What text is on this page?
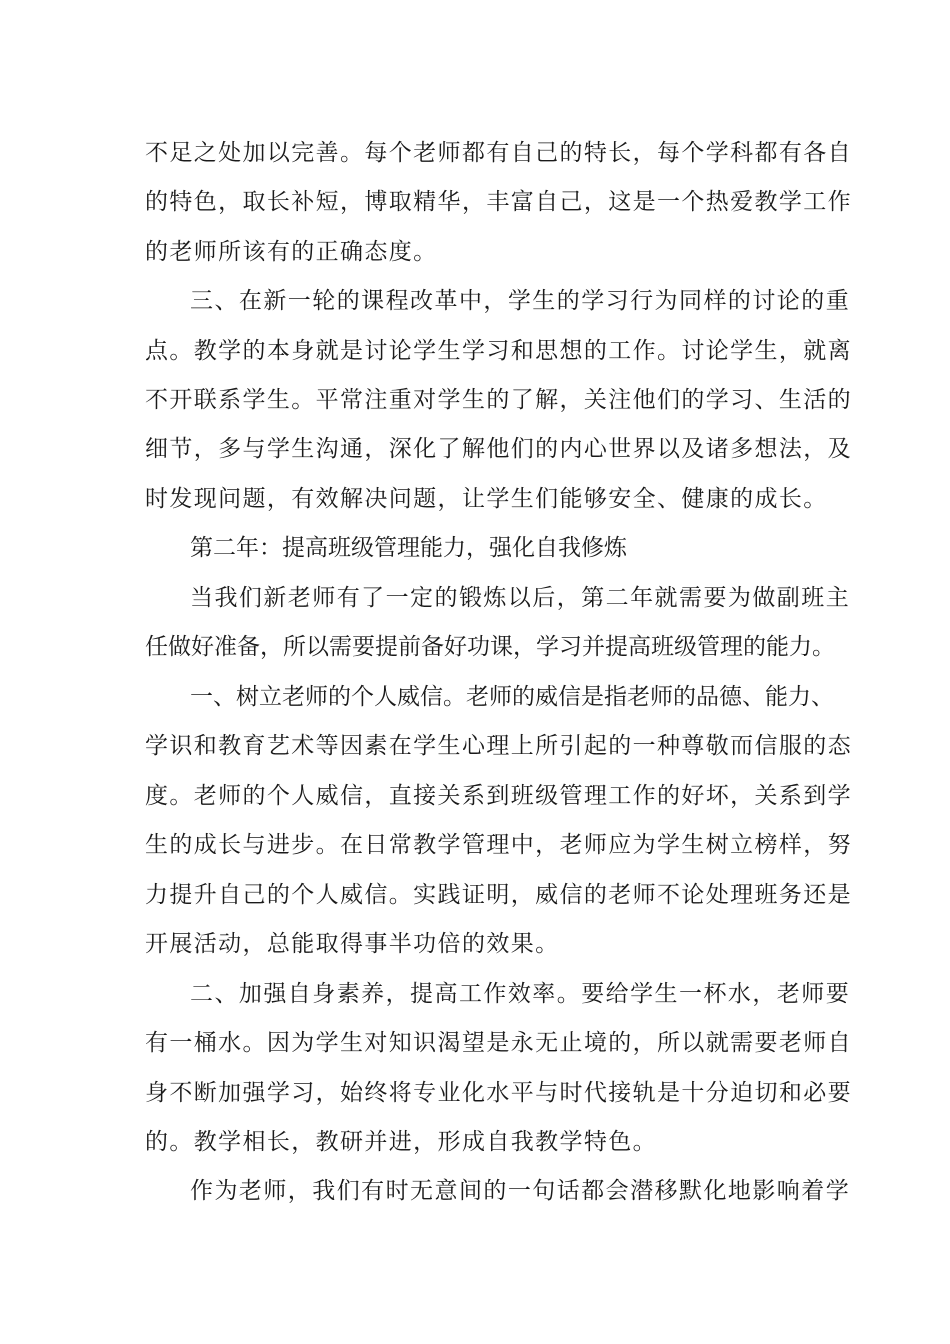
不足之处加以完善。每个老师都有自己的特长，每个学科都有各自
的特色，取长补短，博取精华，丰富自己，这是一个热爱教学工作
的老师所该有的正确态度。
三、在新一轮的课程改革中，学生的学习行为同样的讨论的重
点。教学的本身就是讨论学生学习和思想的工作。讨论学生，就离
不开联系学生。平常注重对学生的了解，关注他们的学习、生活的
细节，多与学生沟通，深化了解他们的内心世界以及诸多想法，及
时发现问题，有效解决问题，让学生们能够安全、健康的成长。
第二年：提高班级管理能力，强化自我修炼
当我们新老师有了一定的锻炼以后，第二年就需要为做副班主
任做好准备，所以需要提前备好功课，学习并提高班级管理的能力。
一、树立老师的个人威信。老师的威信是指老师的品德、能力、
学识和教育艺术等因素在学生心理上所引起的一种尊敬而信服的态
度。老师的个人威信，直接关系到班级管理工作的好坏，关系到学
生的成长与进步。在日常教学管理中，老师应为学生树立榜样，努
力提升自己的个人威信。实践证明，威信的老师不论处理班务还是
开展活动，总能取得事半功倍的效果。
二、加强自身素养，提高工作效率。要给学生一杯水，老师要
有一桶水。因为学生对知识渴望是永无止境的，所以就需要老师自
身不断加强学习，始终将专业化水平与时代接轨是十分迫切和必要
的。教学相长，教研并进，形成自我教学特色。
作为老师，我们有时无意间的一句话都会潜移默化地影响着学
